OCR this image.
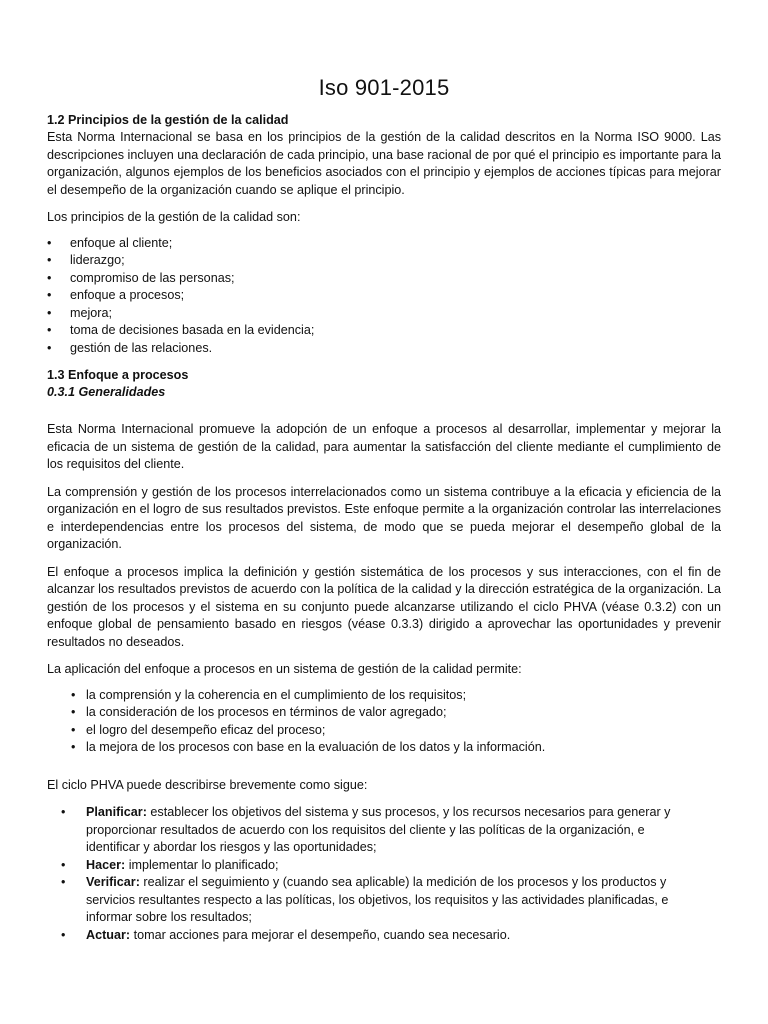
Iso 901-2015
1.2 Principios de la gestión de la calidad

Esta Norma Internacional se basa en los principios de la gestión de la calidad descritos en la Norma ISO 9000. Las descripciones incluyen una declaración de cada principio, una base racional de por qué el principio es importante para la organización, algunos ejemplos de los beneficios asociados con el principio y ejemplos de acciones típicas para mejorar el desempeño de la organización cuando se aplique el principio.

Los principios de la gestión de la calidad son:

• enfoque al cliente;
• liderazgo;
• compromiso de las personas;
• enfoque a procesos;
• mejora;
• toma de decisiones basada en la evidencia;
• gestión de las relaciones.
1.3 Enfoque a procesos
0.3.1 Generalidades

Esta Norma Internacional promueve la adopción de un enfoque a procesos al desarrollar, implementar y mejorar la eficacia de un sistema de gestión de la calidad, para aumentar la satisfacción del cliente mediante el cumplimiento de los requisitos del cliente.

La comprensión y gestión de los procesos interrelacionados como un sistema contribuye a la eficacia y eficiencia de la organización en el logro de sus resultados previstos. Este enfoque permite a la organización controlar las interrelaciones e interdependencias entre los procesos del sistema, de modo que se pueda mejorar el desempeño global de la organización.

El enfoque a procesos implica la definición y gestión sistemática de los procesos y sus interacciones, con el fin de alcanzar los resultados previstos de acuerdo con la política de la calidad y la dirección estratégica de la organización. La gestión de los procesos y el sistema en su conjunto puede alcanzarse utilizando el ciclo PHVA (véase 0.3.2) con un enfoque global de pensamiento basado en riesgos (véase 0.3.3) dirigido a aprovechar las oportunidades y prevenir resultados no deseados.

La aplicación del enfoque a procesos en un sistema de gestión de la calidad permite:

• la comprensión y la coherencia en el cumplimiento de los requisitos;
• la consideración de los procesos en términos de valor agregado;
• el logro del desempeño eficaz del proceso;
• la mejora de los procesos con base en la evaluación de los datos y la información.

El ciclo PHVA puede describirse brevemente como sigue:

• Planificar: establecer los objetivos del sistema y sus procesos, y los recursos necesarios para generar y proporcionar resultados de acuerdo con los requisitos del cliente y las políticas de la organización, e identificar y abordar los riesgos y las oportunidades;
• Hacer: implementar lo planificado;
• Verificar: realizar el seguimiento y (cuando sea aplicable) la medición de los procesos y los productos y servicios resultantes respecto a las políticas, los objetivos, los requisitos y las actividades planificadas, e informar sobre los resultados;
• Actuar: tomar acciones para mejorar el desempeño, cuando sea necesario.
